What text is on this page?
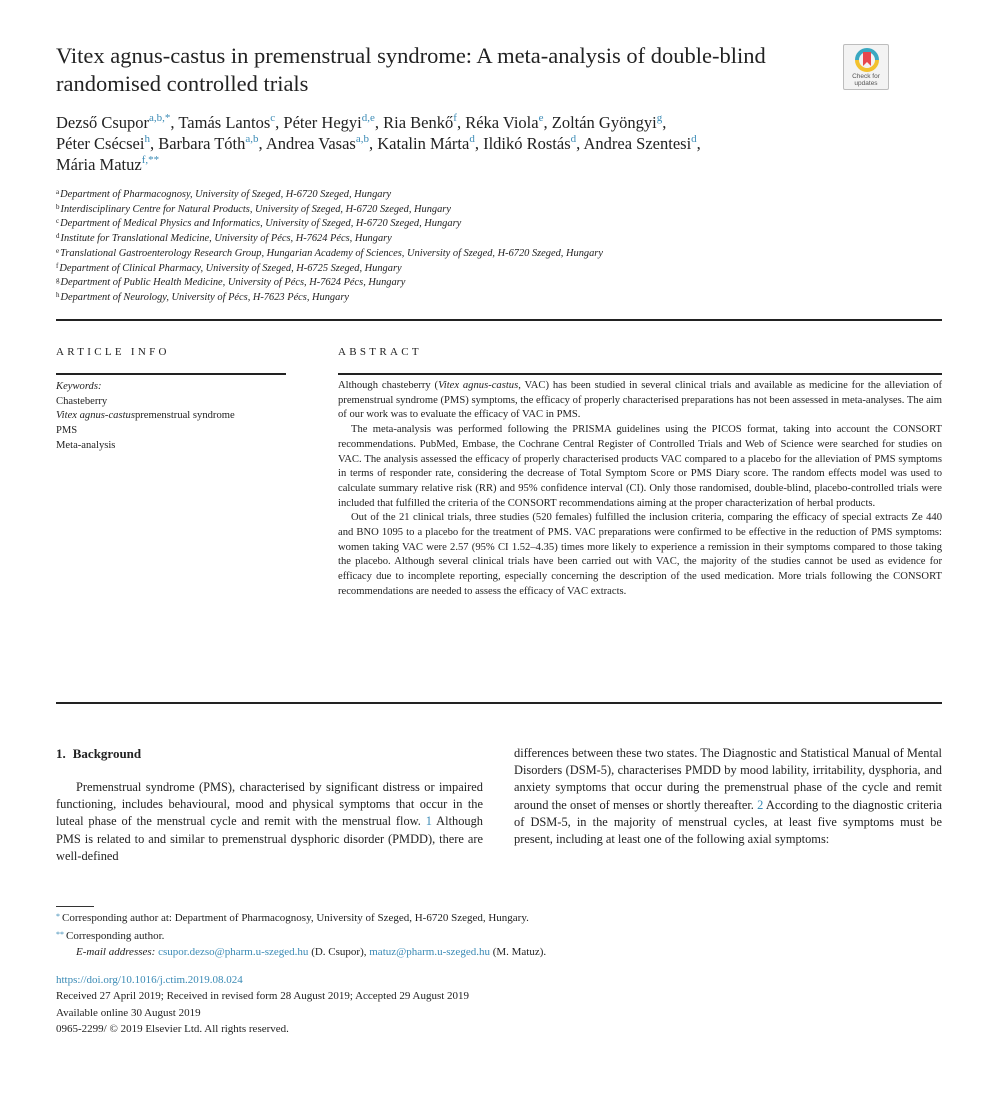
Vitex agnus-castus in premenstrual syndrome: A meta-analysis of double-blind randomised controlled trials	Check for
updates
Dezső Csupor$^{a,b,*}$, Tamás Lantos$^c$, Péter Hegyi$^{d,e}$, Ria Benkő$^f$, Réka Viola$^e$, Zoltán Gyöngyi$^g$,
Péter Csécsei$^h$, Barbara Tóth$^{a,b}$, Andrea Vasas$^{a,b}$, Katalin Márta$^d$, Ildikó Rostás$^d$, Andrea Szentesi$^d$,
Mária Matuz$^{f,**}$
$^a$Department of Pharmacognosy, University of Szeged, H-6720 Szeged, Hungary
$^b$Interdisciplinary Centre for Natural Products, University of Szeged, H-6720 Szeged, Hungary
$^c$Department of Medical Physics and Informatics, University of Szeged, H-6720 Szeged, Hungary
$^d$Institute for Translational Medicine, University of Pécs, H-7624 Pécs, Hungary
$^e$Translational Gastroenterology Research Group, Hungarian Academy of Sciences, University of Szeged, H-6720 Szeged, Hungary
$^f$Department of Clinical Pharmacy, University of Szeged, H-6725 Szeged, Hungary
$^g$Department of Public Health Medicine, University of Pécs, H-7624 Pécs, Hungary
$^h$Department of Neurology, University of Pécs, H-7623 Pécs, Hungary
ARTICLE INFO	ABSTRACT
Keywords:
Chasteberry
Vitex agnus-castuspremenstrual syndrome
PMS
Meta-analysis

Although chasteberry (Vitex agnus-castus, VAC) has been studied in several clinical trials and available as medicine for the alleviation of premenstrual syndrome (PMS) symptoms, the efficacy of properly characterised preparations has not been assessed in meta-analyses. The aim of our work was to evaluate the efficacy of VAC in PMS.

The meta-analysis was performed following the PRISMA guidelines using the PICOS format, taking into account the CONSORT recommendations. PubMed, Embase, the Cochrane Central Register of Controlled Trials and Web of Science were searched for studies on VAC. The analysis assessed the efficacy of properly characterised products VAC compared to a placebo for the alleviation of PMS symptoms in terms of responder rate, considering the decrease of Total Symptom Score or PMS Diary score. The random effects model was used to calculate summary relative risk (RR) and 95% confidence interval (CI). Only those randomised, double-blind, placebo-controlled trials were included that fulfilled the criteria of the CONSORT recommendations aiming at the proper characterization of herbal products.

Out of the 21 clinical trials, three studies (520 females) fulfilled the inclusion criteria, comparing the efficacy of special extracts Ze 440 and BNO 1095 to a placebo for the treatment of PMS. VAC preparations were confirmed to be effective in the reduction of PMS symptoms: women taking VAC were 2.57 (95% CI 1.52–4.35) times more likely to experience a remission in their symptoms compared to those taking the placebo. Although several clinical trials have been carried out with VAC, the majority of the studies cannot be used as evidence for efficacy due to incomplete reporting, especially concerning the description of the used medication. More trials following the CONSORT recommendations are needed to assess the efficacy of VAC extracts.

1. Background
Premenstrual syndrome (PMS), characterised by significant distress or impaired functioning, includes behavioural, mood and physical symptoms that occur in the luteal phase of the menstrual cycle and remit with the menstrual flow. 1 Although PMS is related to and similar to premenstrual dysphoric disorder (PMDD), there are well-defined
differences between these two states. The Diagnostic and Statistical Manual of Mental Disorders (DSM-5), characterises PMDD by mood lability, irritability, dysphoria, and anxiety symptoms that occur during the premenstrual phase of the cycle and remit around the onset of menses or shortly thereafter. 2 According to the diagnostic criteria of DSM-5, in the majority of menstrual cycles, at least five symptoms must be present, including at least one of the following axial symptoms:
* Corresponding author at: Department of Pharmacognosy, University of Szeged, H-6720 Szeged, Hungary.
** Corresponding author.
E-mail addresses: csupor.dezso@pharm.u-szeged.hu (D. Csupor), matuz@pharm.u-szeged.hu (M. Matuz).
https://doi.org/10.1016/j.ctim.2019.08.024
Received 27 April 2019; Received in revised form 28 August 2019; Accepted 29 August 2019
Available online 30 August 2019
0965-2299/ © 2019 Elsevier Ltd. All rights reserved.
